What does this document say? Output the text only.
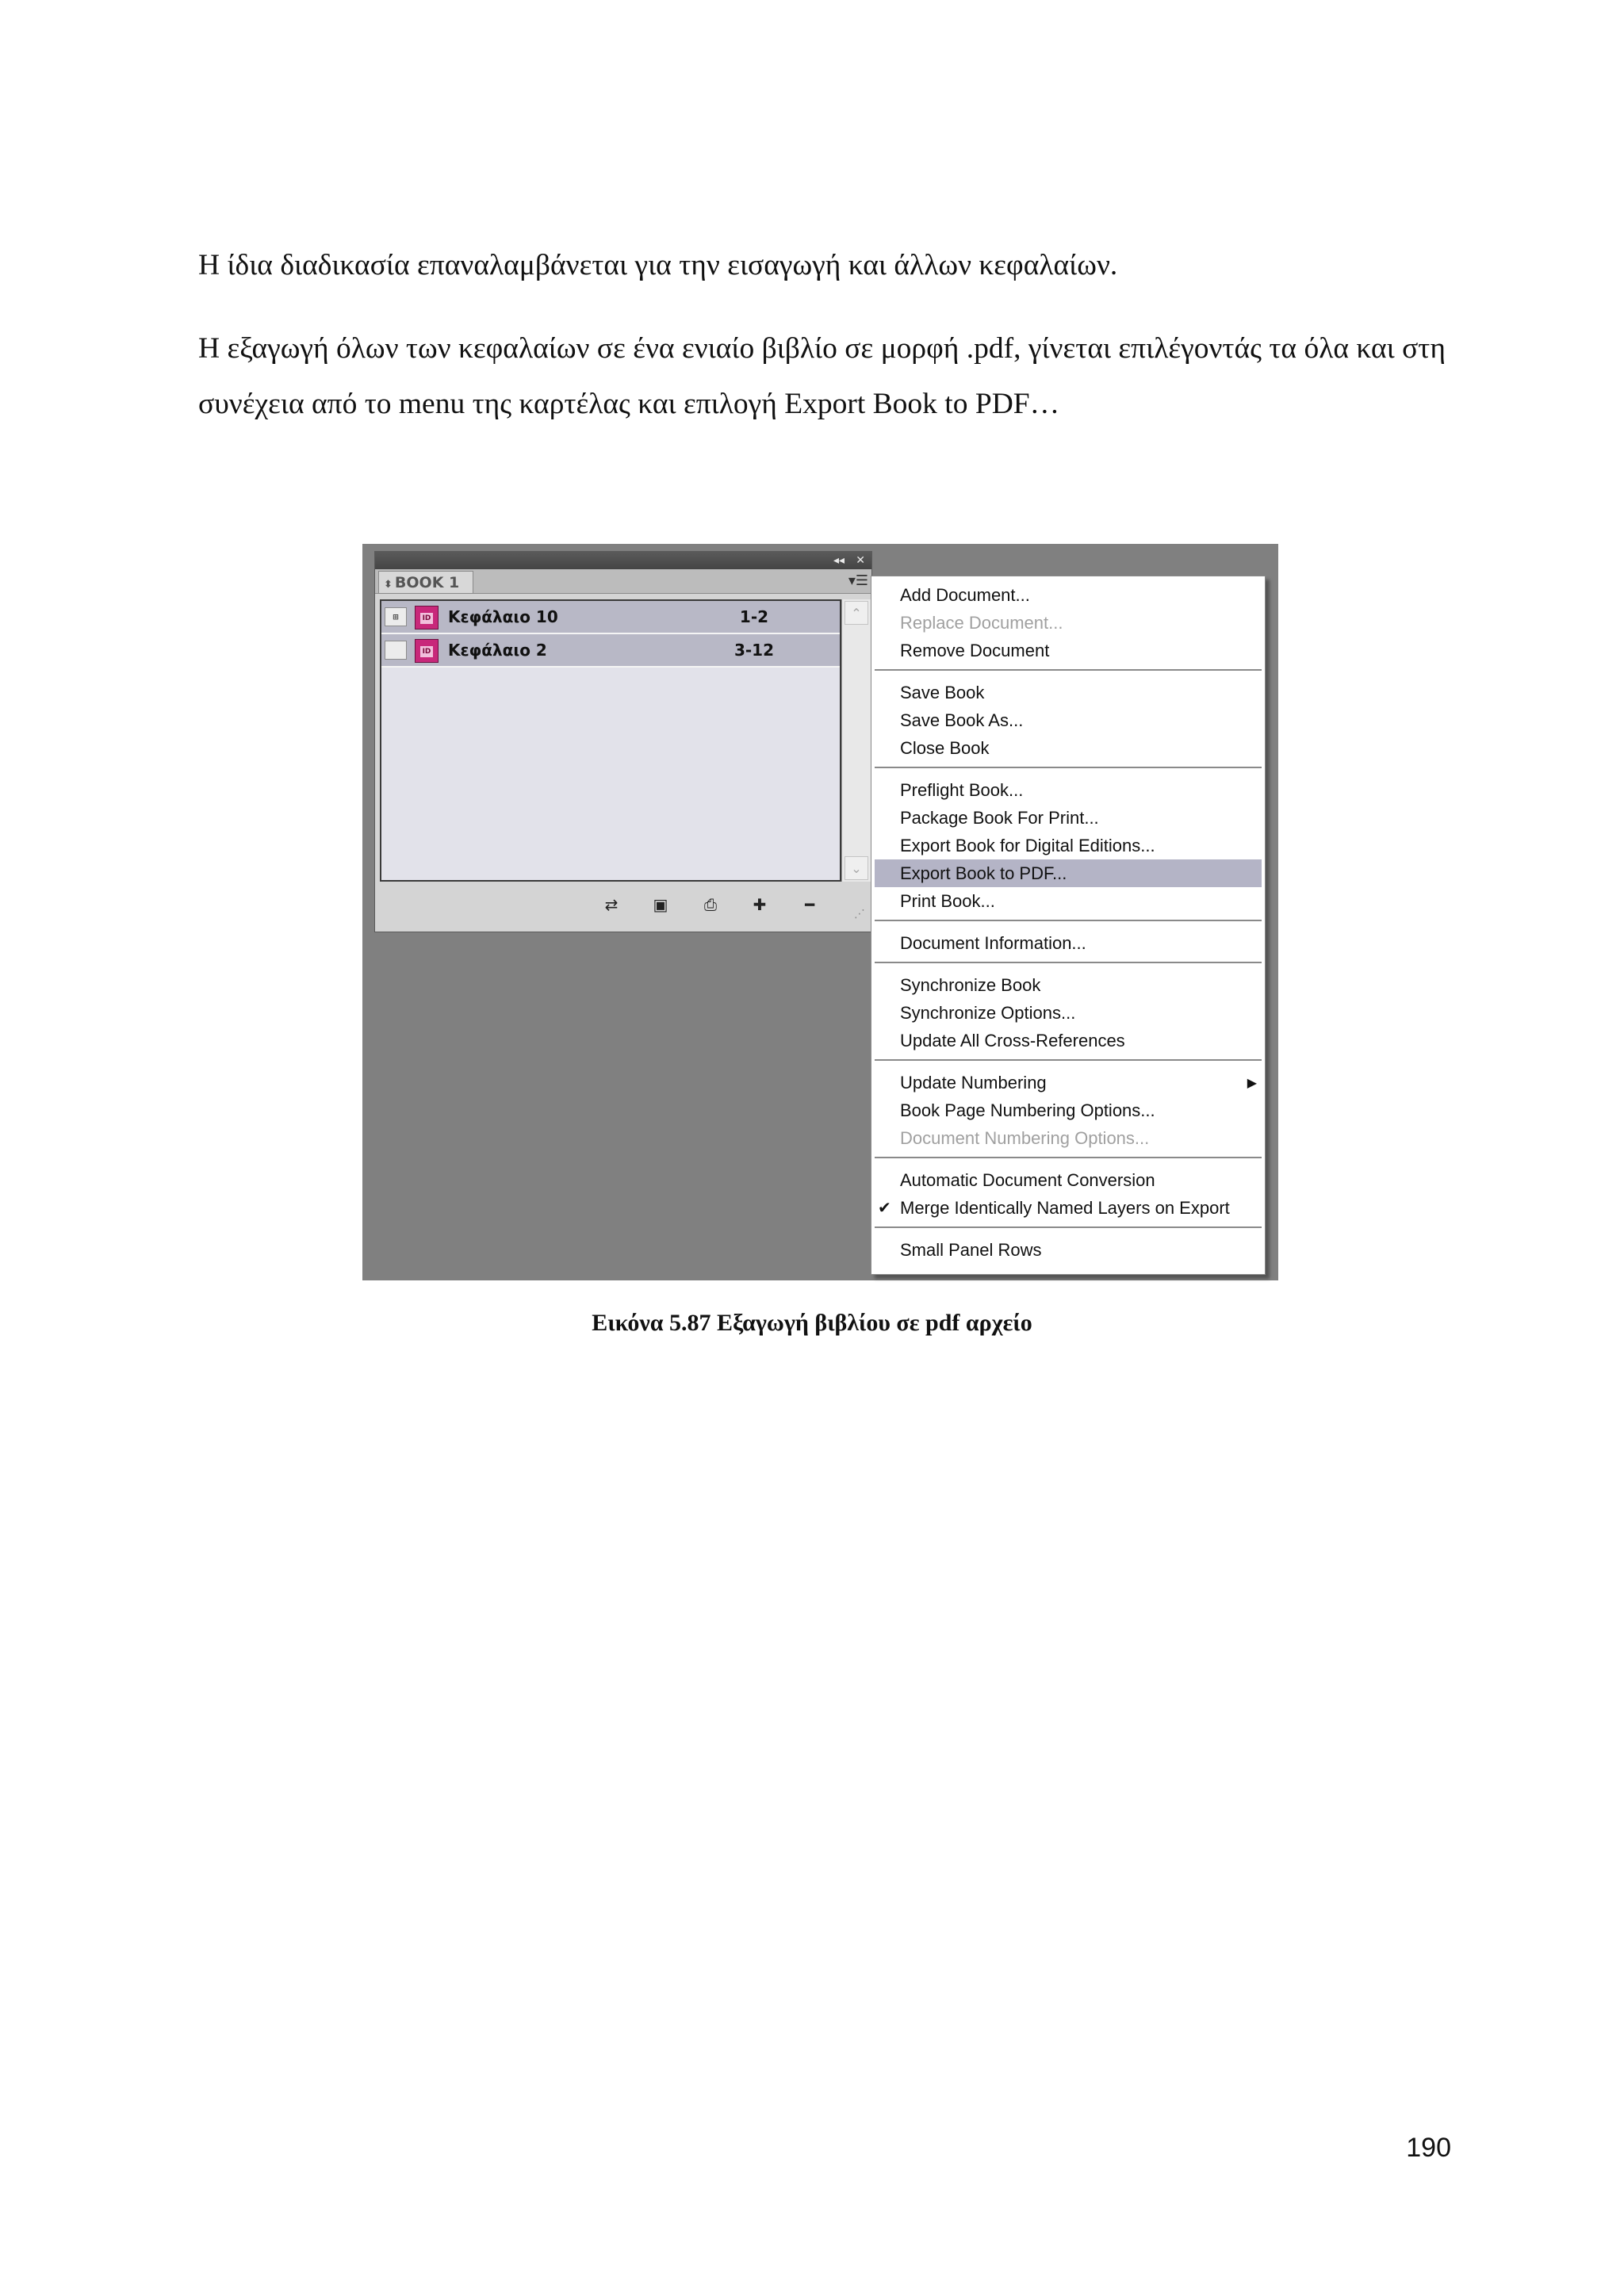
Η ίδια διαδικασία επαναλαμβάνεται για την εισαγωγή και άλλων κεφαλαίων.

Η εξαγωγή όλων των κεφαλαίων σε ένα ενιαίο βιβλίο σε μορφή .pdf, γίνεται επιλέγοντάς τα όλα και στη συνέχεια από το menu της καρτέλας και επιλογή Export Book to PDF…

◂◂ ✕
⬍ BOOK 1	▾☰
⊞	ID Κεφάλαιο 10	1-2
ID Κεφάλαιο 2	3-12
⌃
⌄
⇄	▣	⎙	✚	━	⋰
Add Document...
Replace Document...
Remove Document
Save Book
Save Book As...
Close Book
Preflight Book...
Package Book For Print...
Export Book for Digital Editions...
Export Book to PDF...
Print Book...
Document Information...
Synchronize Book
Synchronize Options...
Update All Cross-References
Update Numbering	▶
Book Page Numbering Options...
Document Numbering Options...
Automatic Document Conversion
✔ Merge Identically Named Layers on Export
Small Panel Rows
Εικόνα 5.87 Εξαγωγή βιβλίου σε pdf αρχείο
190
